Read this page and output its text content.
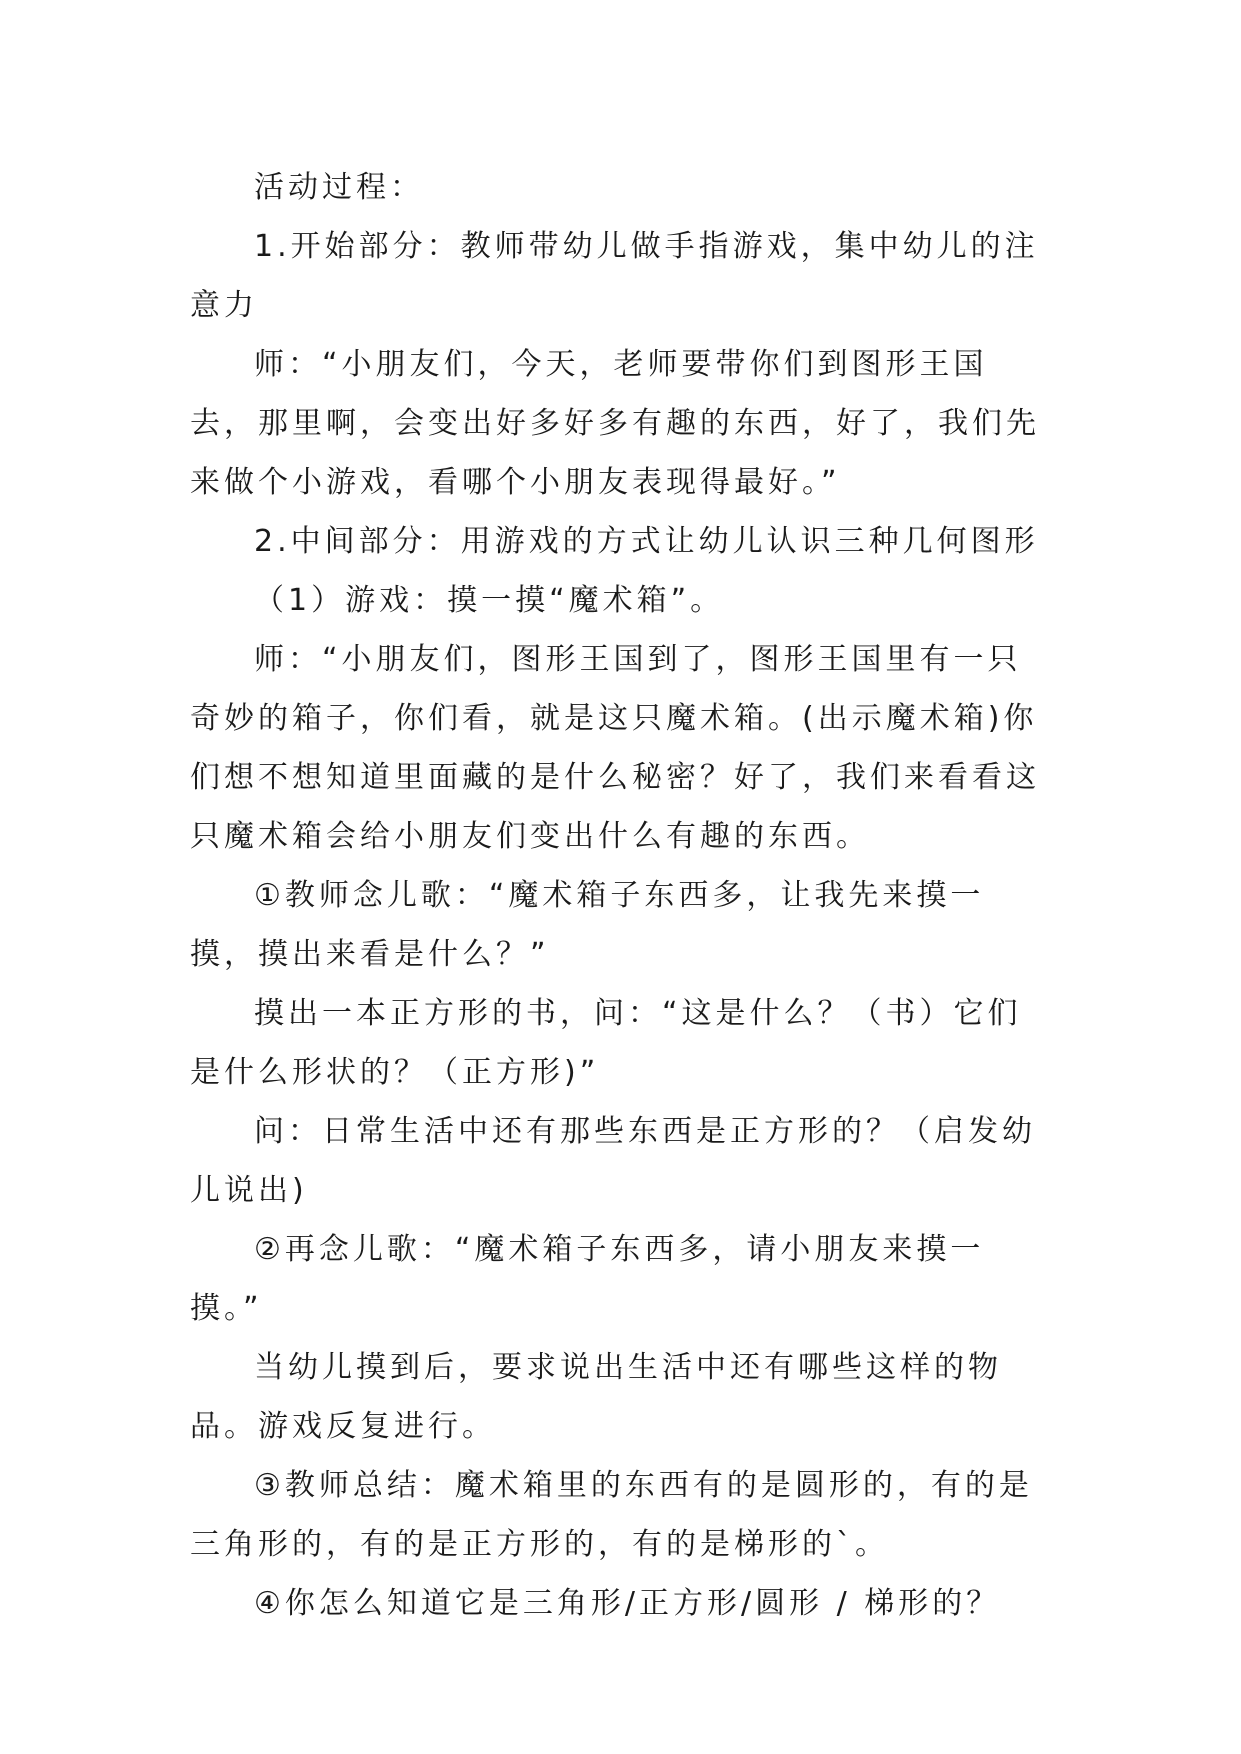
活动过程：

1.开始部分：教师带幼儿做手指游戏，集中幼儿的注意力

师：“小朋友们，今天，老师要带你们到图形王国去，那里啊，会变出好多好多有趣的东西，好了，我们先来做个小游戏，看哪个小朋友表现得最好。”

2.中间部分：用游戏的方式让幼儿认识三种几何图形

（1）游戏：摸一摸“魔术箱”。

师：“小朋友们，图形王国到了，图形王国里有一只奇妙的箱子，你们看，就是这只魔术箱。(出示魔术箱)你们想不想知道里面藏的是什么秘密？好了，我们来看看这只魔术箱会给小朋友们变出什么有趣的东西。

①教师念儿歌：“魔术箱子东西多，让我先来摸一摸，摸出来看是什么？”

摸出一本正方形的书，问：“这是什么？（书）它们是什么形状的？（正方形)”

问：日常生活中还有那些东西是正方形的？（启发幼儿说出)

②再念儿歌：“魔术箱子东西多，请小朋友来摸一摸。”

当幼儿摸到后，要求说出生活中还有哪些这样的物品。游戏反复进行。

③教师总结：魔术箱里的东西有的是圆形的，有的是三角形的，有的是正方形的，有的是梯形的`。

④你怎么知道它是三角形/正方形/圆形 / 梯形的？
